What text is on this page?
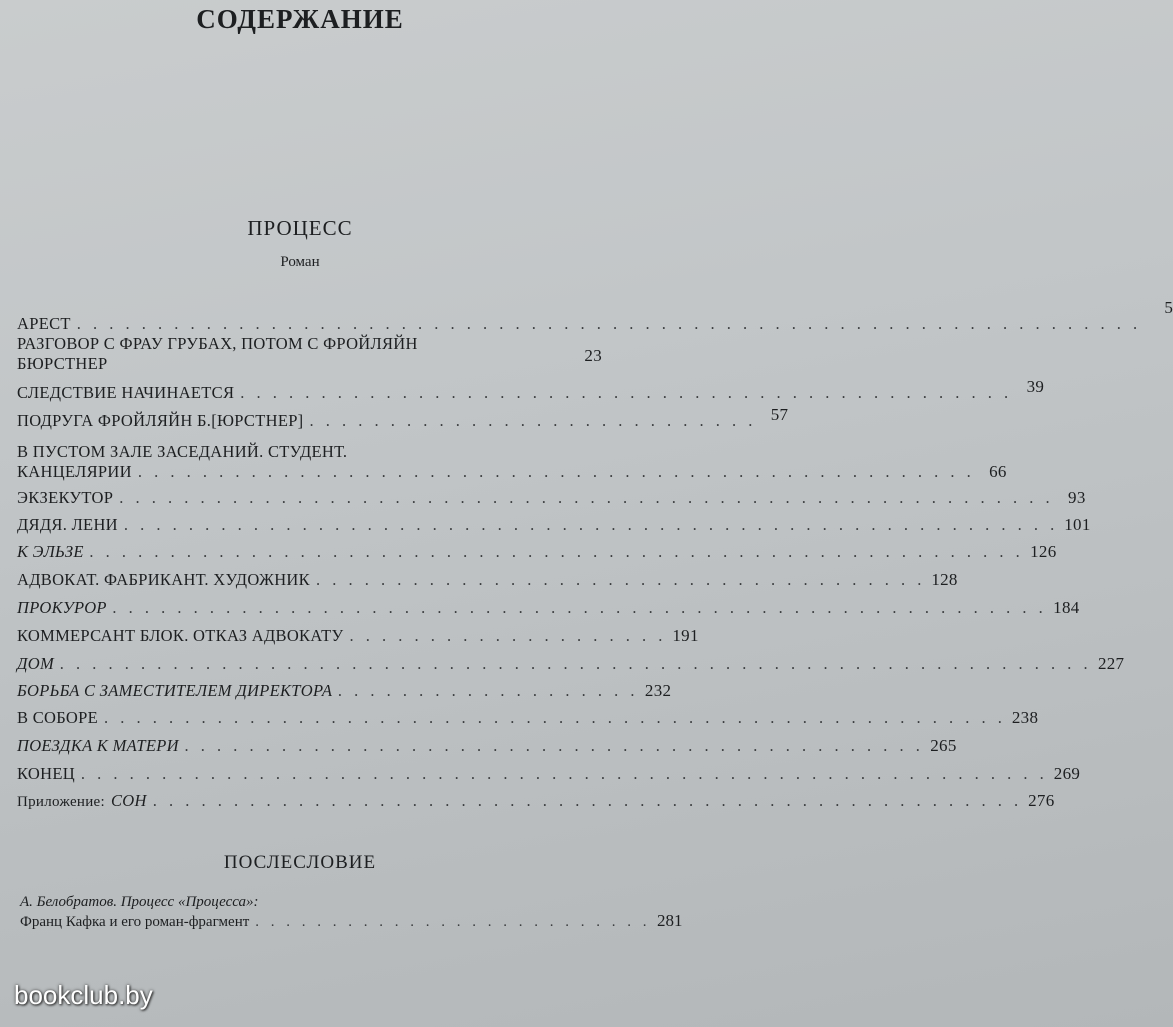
СОДЕРЖАНИЕ
ПРОЦЕСС
Роман
АРЕСТ . . . . . . . . . . . . . . . . . . . . . . . . . . . . . . . . . . . . . . . . . . . . . . . . . . . . . . . . . . . . . . . . . .
5
РАЗГОВОР С ФРАУ ГРУБАХ, ПОТОМ С ФРОЙЛЯЙН
БЮРСТНЕР	23
СЛЕДСТВИЕ НАЧИНАЕТСЯ . . . . . . . . . . . . . . . . . . . . . . . . . . . . . . . . . . . . . . . . . . . . . . . . 39
ПОДРУГА ФРОЙЛЯЙН Б.[ЮРСТНЕР] . . . . . . . . . . . . . . . . . . . . . . . . . . . . 57
В ПУСТОМ ЗАЛЕ ЗАСЕДАНИЙ. СТУДЕНТ.
КАНЦЕЛЯРИИ . . . . . . . . . . . . . . . . . . . . . . . . . . . . . . . . . . . . . . . . . . . . . . . . . . . . 66
ЭКЗЕКУТОР . . . . . . . . . . . . . . . . . . . . . . . . . . . . . . . . . . . . . . . . . . . . . . . . . . . . . . . . . . 93
ДЯДЯ. ЛЕНИ . . . . . . . . . . . . . . . . . . . . . . . . . . . . . . . . . . . . . . . . . . . . . . . . . . . . . . . . . . 101
К ЭЛЬЗЕ . . . . . . . . . . . . . . . . . . . . . . . . . . . . . . . . . . . . . . . . . . . . . . . . . . . . . . . . . . 126
АДВОКАТ. ФАБРИКАНТ. ХУДОЖНИК . . . . . . . . . . . . . . . . . . . . . . . . . . . . . . . . . . . . . . 128
ПРОКУРОР . . . . . . . . . . . . . . . . . . . . . . . . . . . . . . . . . . . . . . . . . . . . . . . . . . . . . . . . . . 184
КОММЕРСАНТ БЛОК. ОТКАЗ АДВОКАТУ . . . . . . . . . . . . . . . . . . . . 191
ДОМ . . . . . . . . . . . . . . . . . . . . . . . . . . . . . . . . . . . . . . . . . . . . . . . . . . . . . . . . . . . . . . . . 227
БОРЬБА С ЗАМЕСТИТЕЛЕМ ДИРЕКТОРА . . . . . . . . . . . . . . . . . . . 232
В СОБОРЕ . . . . . . . . . . . . . . . . . . . . . . . . . . . . . . . . . . . . . . . . . . . . . . . . . . . . . . . . 238
ПОЕЗДКА К МАТЕРИ . . . . . . . . . . . . . . . . . . . . . . . . . . . . . . . . . . . . . . . . . . . . . . 265
КОНЕЦ . . . . . . . . . . . . . . . . . . . . . . . . . . . . . . . . . . . . . . . . . . . . . . . . . . . . . . . . . . . . 269
Приложение: СОН . . . . . . . . . . . . . . . . . . . . . . . . . . . . . . . . . . . . . . . . . . . . . . . . . . . . . . 276
ПОСЛЕСЛОВИЕ
А. Белобратов. Процесс «Процесса»:
Франц Кафка и его роман-фрагмент . . . . . . . . . . . . . . . . . . . . . . . . . . 281
bookclub.by
